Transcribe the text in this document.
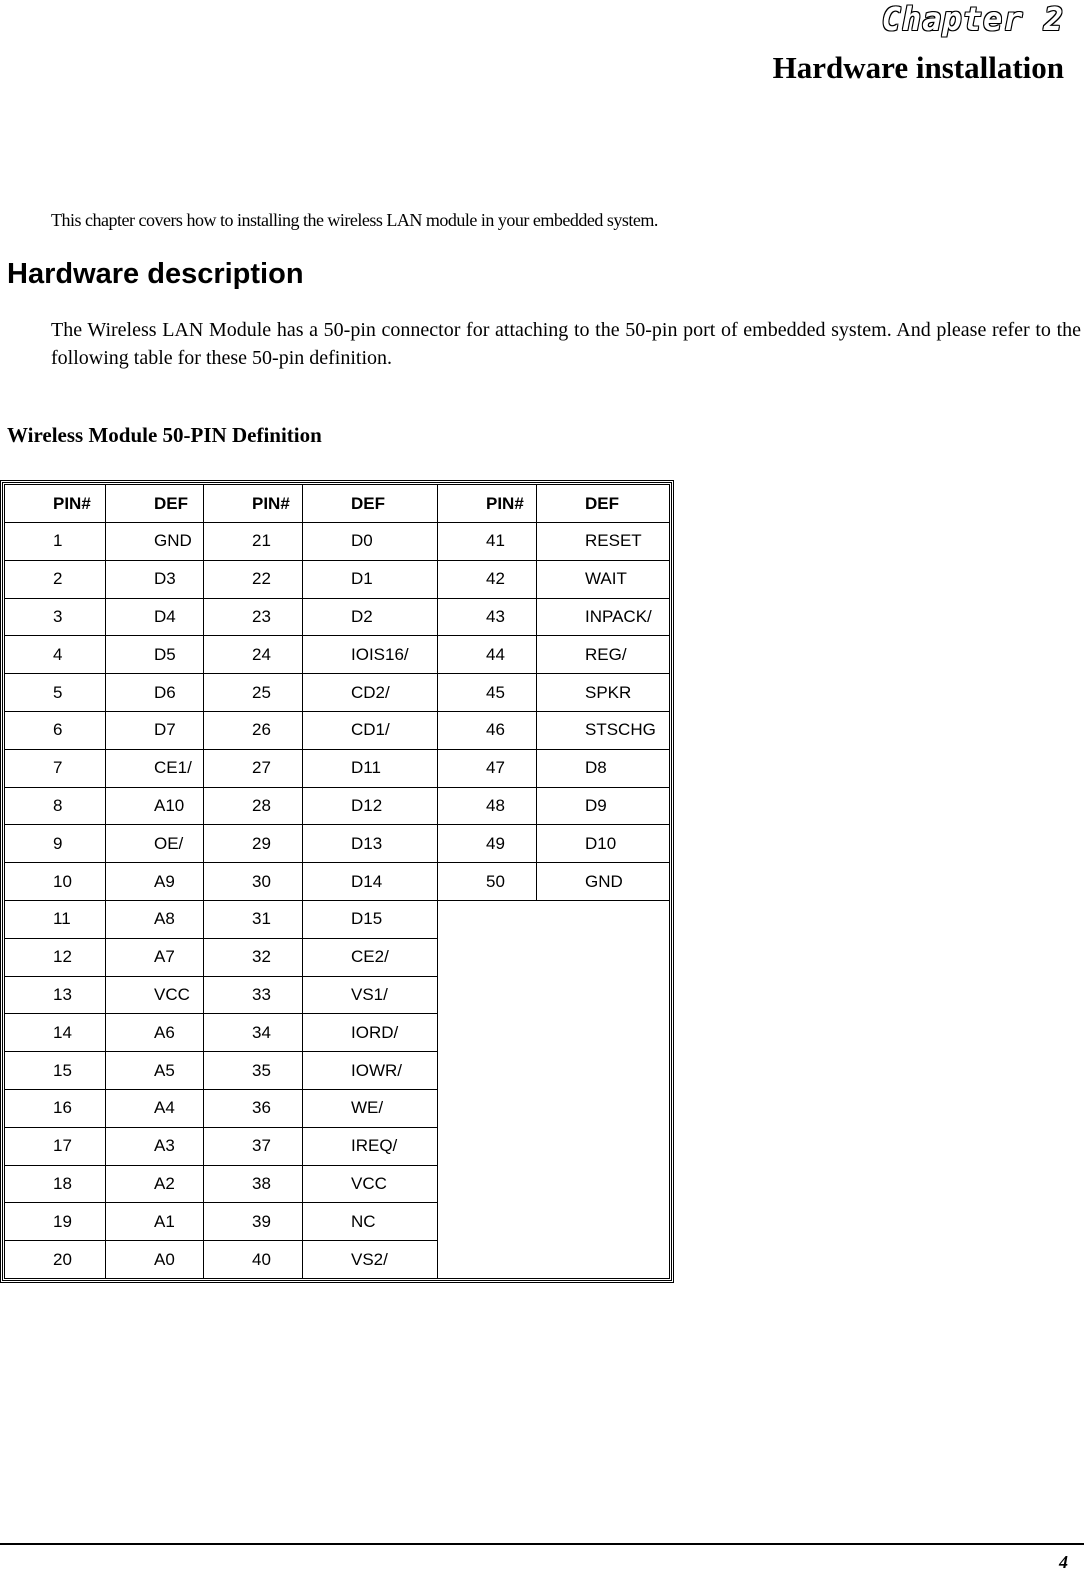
Chapter 2
Hardware installation
This chapter covers how to installing the wireless LAN module in your embedded system.
Hardware description
The Wireless LAN Module has a 50-pin connector for attaching to the 50-pin port of embedded system. And please refer to the following table for these 50-pin definition.
Wireless Module 50-PIN Definition
PIN#	DEF	PIN#	DEF	PIN#	DEF
1	GND	21	D0	41	RESET
2	D3	22	D1	42	WAIT
3	D4	23	D2	43	INPACK/
4	D5	24	IOIS16/	44	REG/
5	D6	25	CD2/	45	SPKR
6	D7	26	CD1/	46	STSCHG
7	CE1/	27	D11	47	D8
8	A10	28	D12	48	D9
9	OE/	29	D13	49	D10
10	A9	30	D14	50	GND
11	A8	31	D15		
12	A7	32	CE2/		
13	VCC	33	VS1/		
14	A6	34	IORD/		
15	A5	35	IOWR/		
16	A4	36	WE/		
17	A3	37	IREQ/		
18	A2	38	VCC		
19	A1	39	NC		
20	A0	40	VS2/		
4
